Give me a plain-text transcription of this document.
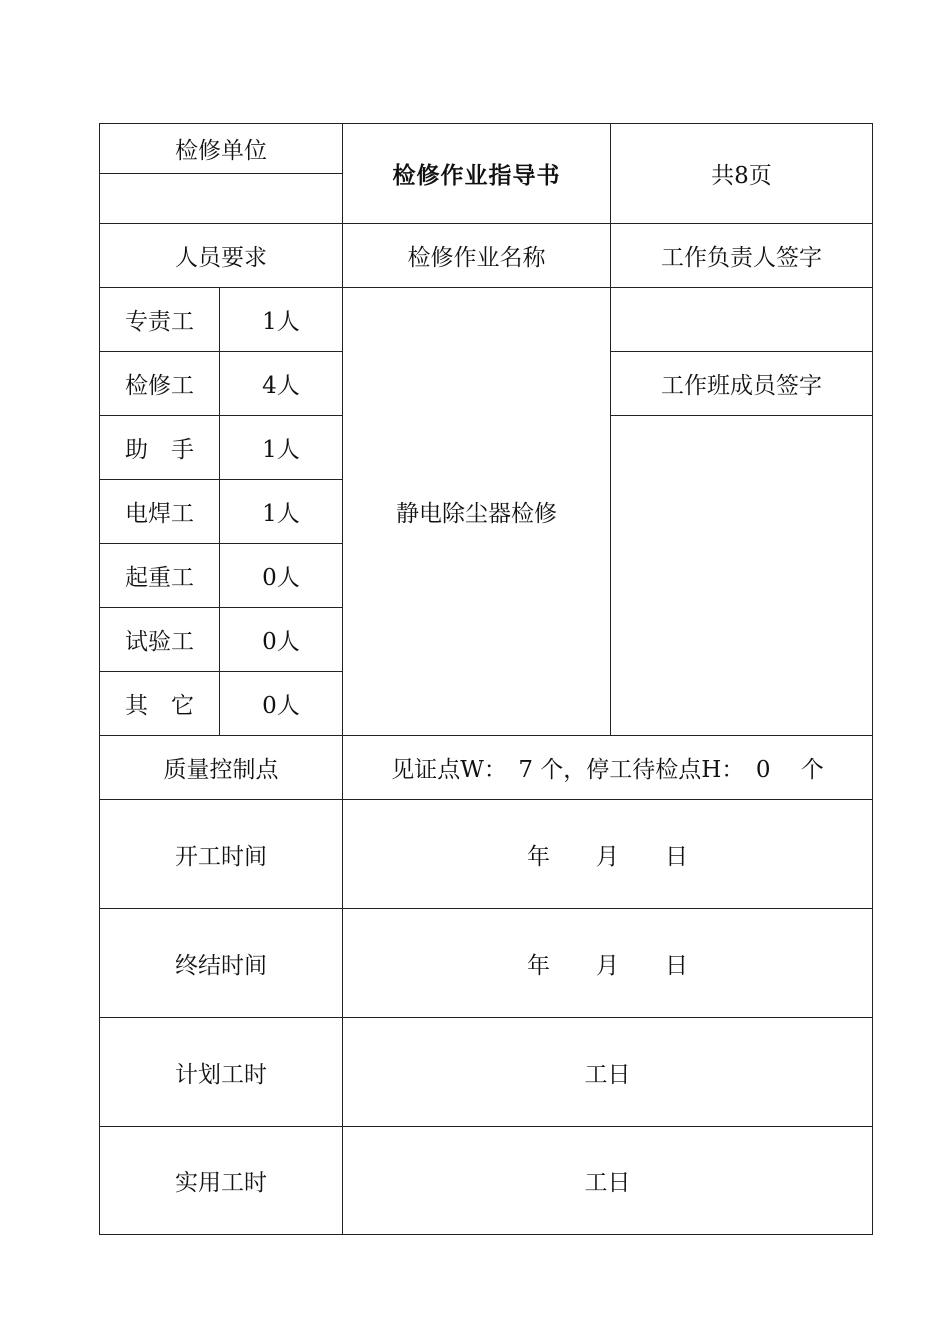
检修单位		检修作业指导书	共8页

人员要求		检修作业名称	工作负责人签字
专责工	1人	静电除尘器检修	
检修工	4人		工作班成员签字
助　手	1人		
电焊工	1人		
起重工	0人		
试验工	0人		
其　它	0人		
质量控制点		见证点W：　7 个，停工待检点H：　0　 个	
开工时间		年 月 日	
终结时间		年 月 日	
计划工时		工日	
实用工时		工日	
